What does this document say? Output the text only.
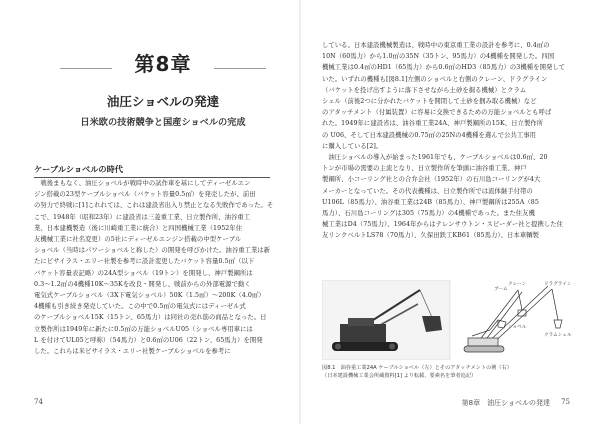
第8章
油圧ショベルの発達
日米欧の技術競争と国産ショベルの完成
ケーブルショベルの時代

　戦後まもなく、油圧ショベルが戦時中の試作車を基にしてディーゼルエン

ジン搭載の23型ケーブルショベル（バケット容量0.5㎥）を発売したが、前田

の努力で終戦に[1]これれては、これは建設省出入り禁止となる失敗作であった。そ

こで、1948年（昭和23年）に建設省は三菱重工業、日立製作所、油谷重工

業、日本建機製造（後に川崎重工業に統合）と四国機械工業（1952年住

友機械工業に社名変更）の5社にディーゼルエンジン搭載の中型ケーブル

ショベル（当時はパワーショベルと称した）の開発を呼びかけた。油谷重工業は新

たにビサイラス・エリー社製を参考に設計変更したバケット容量0.5㎥（以下

バケット容量表記略）の24A型ショベル（19トン）を開発し、神戸製鋼所は

0.3～1.2㎥の4機種10K～35Kを改良・開発し、戦前からの外部電源で動く

電気式ケーブルショベル（3X下電気ショベル）50K（1.5㎥）～200K（4.0㎥）

4機種も引き続き発売していた。この中で0.5㎥の電気式にはディーゼル式

のケーブルショベル15K（15トン、65馬力）は同社の売れ筋の商品となった。日

立製作所は1949年に新たに0.5㎥の万能ショベルU05（ショベル専用車には

L を付けてUL05と呼称）（54馬力）と0.6㎥のU06（22トン、65馬力）を開発

した。これらは米ビサイラス・エリー社製ケーブルショベルを参考に

74

している。日本建設機械製造は、戦時中の東京重工業の設計を参考に、0.4㎥の

10N（60馬力）から1.0㎥の35N（35トン、95馬力）の4機種を開発した。四国

機械工業は0.4㎥のHD1（65馬力）から0.6㎥のHD3（85馬力）の3機種を開発して

いた。いずれの機種も[図8.1]左側のショベルと右側のクレーン、ドラグライン

（バケットを投げ出すように落下させながら土砂を掘る機械）とクラム

シェル（前後2つに分かれたバケットを開閉して土砂を掴み取る機械）など

のアタッチメント（付属装置）に容易に交換できるための万能ショベルとも呼ば

れた。1949年に建設省は、油谷重工業24A、神戸製鋼所の15K、日立製作所

の U06、そして日本建設機械の0.75㎥の25Nの4機種を選んで公共工事用

に購入している[2]。

　油圧ショベルの導入が始まった1961年でも、ケーブルショベルは0.6㎥、20

トンが市場の需要の主流となり、日立製作所を筆頭に油谷重工業、神戸

製鋼所、小コーリング社との合弁会社（1952年）の石川島コーリングが4大

メーカーとなっていた。その代表機種は、日立製作所では流体継手付帯の

U106L（85馬力）、油谷重工業は24B（85馬力）、神戸製鋼所は255A（85

馬力）、石川島コーリングは305（75馬力）の4機種であった。また住友機

械工業はD4（75馬力）、1964年からはテレンサウトン・スピーダー社と提携した住

友リンクベルトLS78（70馬力）、久保田鉄工KB61（85馬力）、日本車輌製

ブーム
クレーン	ドラグライン
ショベル
クラムシェル

図8.1　油谷重工業24A ケーブルショベル（左）とそのアタッチメントの例（右）

（日本建設機械工業会所蔵資料[1] より転載、要素名を筆者追記）

第8章　油圧ショベルの発達 75
